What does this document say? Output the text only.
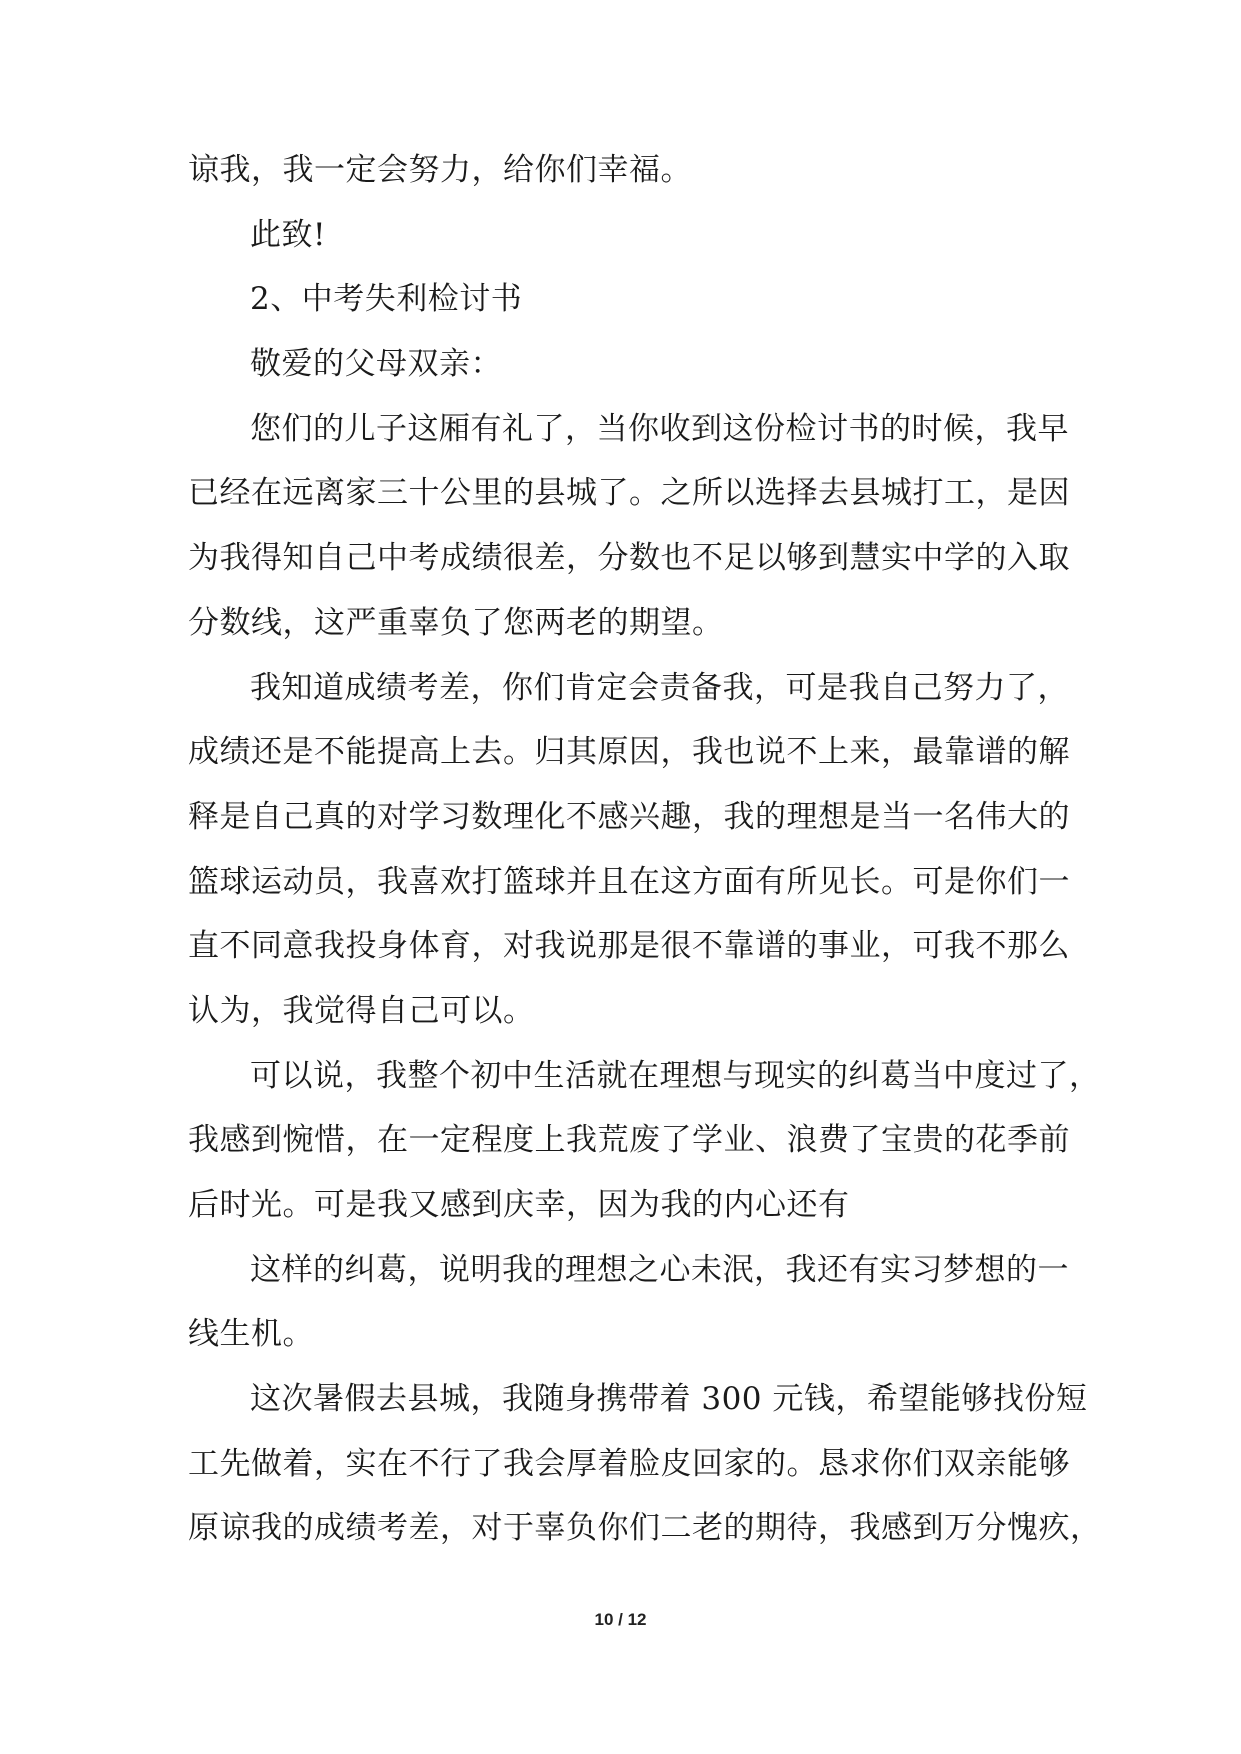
谅我，我一定会努力，给你们幸福。
此致!
2、中考失利检讨书
敬爱的父母双亲：
您们的儿子这厢有礼了，当你收到这份检讨书的时候，我早
已经在远离家三十公里的县城了。之所以选择去县城打工，是因
为我得知自己中考成绩很差，分数也不足以够到慧实中学的入取
分数线，这严重辜负了您两老的期望。
我知道成绩考差，你们肯定会责备我，可是我自己努力了，
成绩还是不能提高上去。归其原因，我也说不上来，最靠谱的解
释是自己真的对学习数理化不感兴趣，我的理想是当一名伟大的
篮球运动员，我喜欢打篮球并且在这方面有所见长。可是你们一
直不同意我投身体育，对我说那是很不靠谱的事业，可我不那么
认为，我觉得自己可以。
可以说，我整个初中生活就在理想与现实的纠葛当中度过了，
我感到惋惜，在一定程度上我荒废了学业、浪费了宝贵的花季前
后时光。可是我又感到庆幸，因为我的内心还有
这样的纠葛，说明我的理想之心未泯，我还有实习梦想的一
线生机。
这次暑假去县城，我随身携带着 300 元钱，希望能够找份短
工先做着，实在不行了我会厚着脸皮回家的。恳求你们双亲能够
原谅我的成绩考差，对于辜负你们二老的期待，我感到万分愧疚，
10 / 12
